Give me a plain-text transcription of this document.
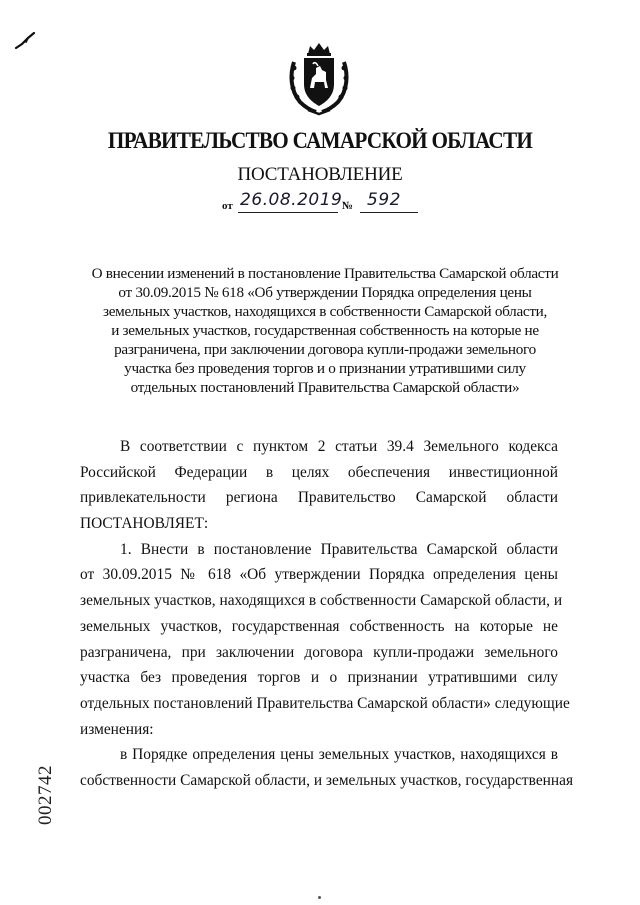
ПРАВИТЕЛЬСТВО САМАРСКОЙ ОБЛАСТИ
ПОСТАНОВЛЕНИЕ
от 26.08.2019 № 592
О внесении изменений в постановление Правительства Самарской области
от 30.09.2015 № 618 «Об утверждении Порядка определения цены
земельных участков, находящихся в собственности Самарской области,
и земельных участков, государственная собственность на которые не
разграничена, при заключении договора купли-продажи земельного
участка без проведения торгов и о признании утратившими силу
отдельных постановлений Правительства Самарской области»
В соответствии с пунктом 2 статьи 39.4 Земельного кодекса
Российской Федерации в целях обеспечения инвестиционной
привлекательности региона Правительство Самарской области
ПОСТАНОВЛЯЕТ:
1. Внести в постановление Правительства Самарской области
от 30.09.2015 № 618 «Об утверждении Порядка определения цены
земельных участков, находящихся в собственности Самарской области, и
земельных участков, государственная собственность на которые не
разграничена, при заключении договора купли-продажи земельного
участка без проведения торгов и о признании утратившими силу
отдельных постановлений Правительства Самарской области» следующие
изменения:
в Порядке определения цены земельных участков, находящихся в
собственности Самарской области, и земельных участков, государственная
002742
